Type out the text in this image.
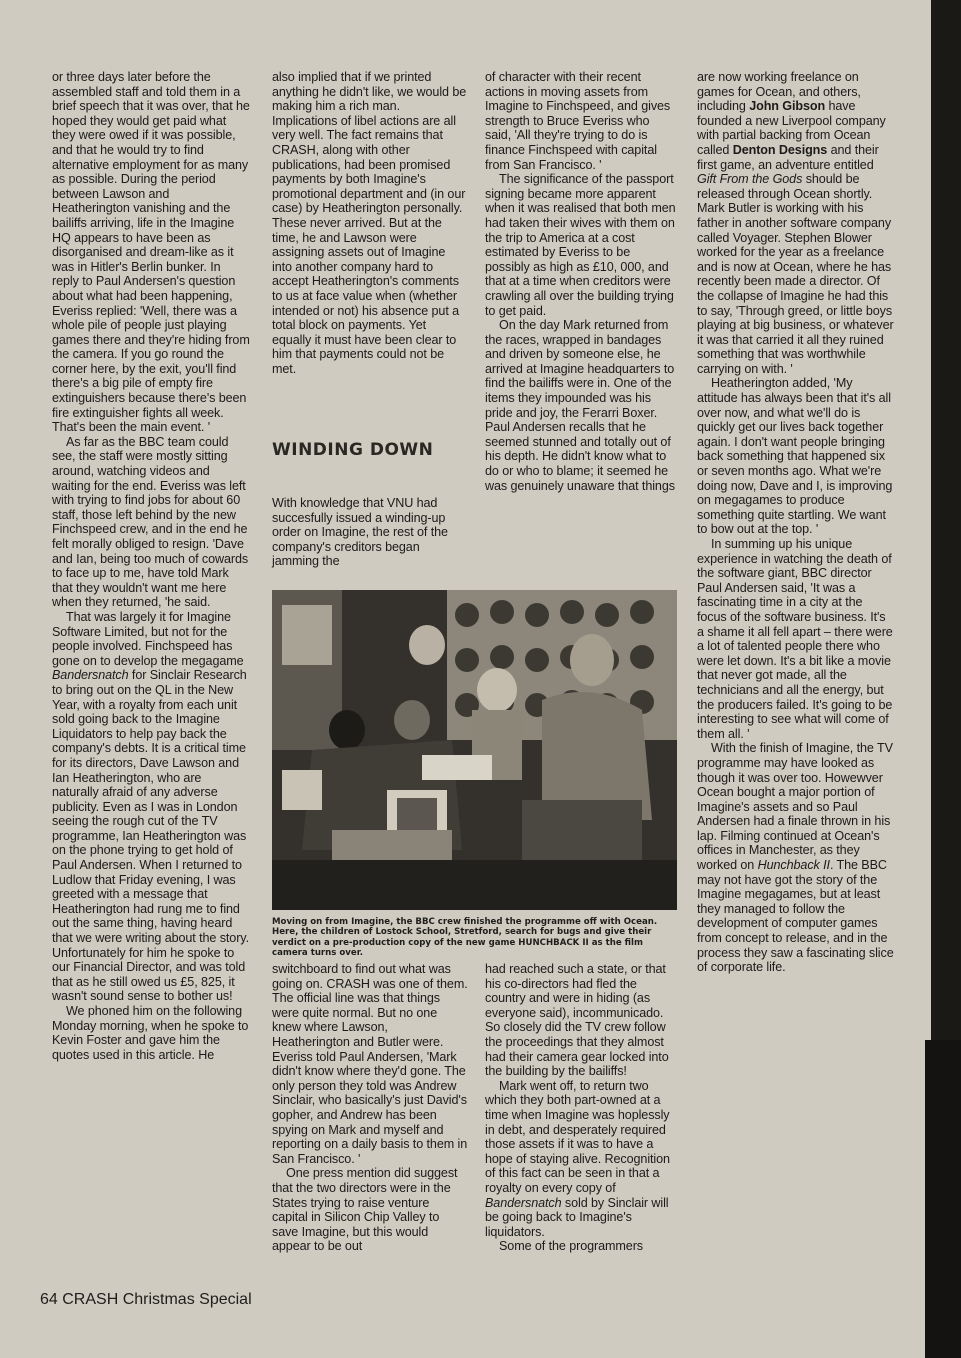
or three days later before the assembled staff and told them in a brief speech that it was over, that he hoped they would get paid what they were owed if it was possible, and that he would try to find alternative employment for as many as possible. During the period between Lawson and Heatherington vanishing and the bailiffs arriving, life in the Imagine HQ appears to have been as disorganised and dream-like as it was in Hitler's Berlin bunker. In reply to Paul Andersen's question about what had been happening, Everiss replied: 'Well, there was a whole pile of people just playing games there and they're hiding from the camera. If you go round the corner here, by the exit, you'll find there's a big pile of empty fire extinguishers because there's been fire extinguisher fights all week. That's been the main event. '

As far as the BBC team could see, the staff were mostly sitting around, watching videos and waiting for the end. Everiss was left with trying to find jobs for about 60 staff, those left behind by the new Finchspeed crew, and in the end he felt morally obliged to resign. 'Dave and Ian, being too much of cowards to face up to me, have told Mark that they wouldn't want me here when they returned, 'he said.

That was largely it for Imagine Software Limited, but not for the people involved. Finchspeed has gone on to develop the megagame Bandersnatch for Sinclair Research to bring out on the QL in the New Year, with a royalty from each unit sold going back to the Imagine Liquidators to help pay back the company's debts. It is a critical time for its directors, Dave Lawson and Ian Heatherington, who are naturally afraid of any adverse publicity. Even as I was in London seeing the rough cut of the TV programme, Ian Heatherington was on the phone trying to get hold of Paul Andersen. When I returned to Ludlow that Friday evening, I was greeted with a message that Heatherington had rung me to find out the same thing, having heard that we were writing about the story. Unfortunately for him he spoke to our Financial Director, and was told that as he still owed us £5, 825, it wasn't sound sense to bother us!

We phoned him on the following Monday morning, when he spoke to Kevin Foster and gave him the quotes used in this article. He

also implied that if we printed anything he didn't like, we would be making him a rich man. Implications of libel actions are all very well. The fact remains that CRASH, along with other publications, had been promised payments by both Imagine's promotional department and (in our case) by Heatherington personally. These never arrived. But at the time, he and Lawson were assigning assets out of Imagine into another company hard to accept Heatherington's comments to us at face value when (whether intended or not) his absence put a total block on payments. Yet equally it must have been clear to him that payments could not be met.

WINDING DOWN

With knowledge that VNU had succesfully issued a winding-up order on Imagine, the rest of the company's creditors began jamming the

of character with their recent actions in moving assets from Imagine to Finchspeed, and gives strength to Bruce Everiss who said, 'All they're trying to do is finance Finchspeed with capital from San Francisco. '

The significance of the passport signing became more apparent when it was realised that both men had taken their wives with them on the trip to America at a cost estimated by Everiss to be possibly as high as £10, 000, and that at a time when creditors were crawling all over the building trying to get paid.

On the day Mark returned from the races, wrapped in bandages and driven by someone else, he arrived at Imagine headquarters to find the bailiffs were in. One of the items they impounded was his pride and joy, the Ferarri Boxer. Paul Andersen recalls that he seemed stunned and totally out of his depth. He didn't know what to do or who to blame; it seemed he was genuinely unaware that things

Moving on from Imagine, the BBC crew finished the programme off with Ocean. Here, the children of Lostock School, Stretford, search for bugs and give their verdict on a pre-production copy of the new game HUNCHBACK II as the film camera turns over.

switchboard to find out what was going on. CRASH was one of them. The official line was that things were quite normal. But no one knew where Lawson, Heatherington and Butler were. Everiss told Paul Andersen, 'Mark didn't know where they'd gone. The only person they told was Andrew Sinclair, who basically's just David's gopher, and Andrew has been spying on Mark and myself and reporting on a daily basis to them in San Francisco. '

One press mention did suggest that the two directors were in the States trying to raise venture capital in Silicon Chip Valley to save Imagine, but this would appear to be out

had reached such a state, or that his co-directors had fled the country and were in hiding (as everyone said), incommunicado. So closely did the TV crew follow the proceedings that they almost had their camera gear locked into the building by the bailiffs!

Mark went off, to return two which they both part-owned at a time when Imagine was hoplessly in debt, and desperately required those assets if it was to have a hope of staying alive. Recognition of this fact can be seen in that a royalty on every copy of Bandersnatch sold by Sinclair will be going back to Imagine's liquidators.

Some of the programmers

are now working freelance on games for Ocean, and others, including John Gibson have founded a new Liverpool company with partial backing from Ocean called Denton Designs and their first game, an adventure entitled Gift From the Gods should be released through Ocean shortly. Mark Butler is working with his father in another software company called Voyager. Stephen Blower worked for the year as a freelance and is now at Ocean, where he has recently been made a director. Of the collapse of Imagine he had this to say, 'Through greed, or little boys playing at big business, or whatever it was that carried it all they ruined something that was worthwhile carrying on with. '

Heatherington added, 'My attitude has always been that it's all over now, and what we'll do is quickly get our lives back together again. I don't want people bringing back something that happened six or seven months ago. What we're doing now, Dave and I, is improving on megagames to produce something quite startling. We want to bow out at the top. '

In summing up his unique experience in watching the death of the software giant, BBC director Paul Andersen said, 'It was a fascinating time in a city at the focus of the software business. It's a shame it all fell apart – there were a lot of talented people there who were let down. It's a bit like a movie that never got made, all the technicians and all the energy, but the producers failed. It's going to be interesting to see what will come of them all. '

With the finish of Imagine, the TV programme may have looked as though it was over too. Howewver Ocean bought a major portion of Imagine's assets and so Paul Andersen had a finale thrown in his lap. Filming continued at Ocean's offices in Manchester, as they worked on Hunchback II. The BBC may not have got the story of the Imagine megagames, but at least they managed to follow the development of computer games from concept to release, and in the process they saw a fascinating slice of corporate life.

64 CRASH Christmas Special
